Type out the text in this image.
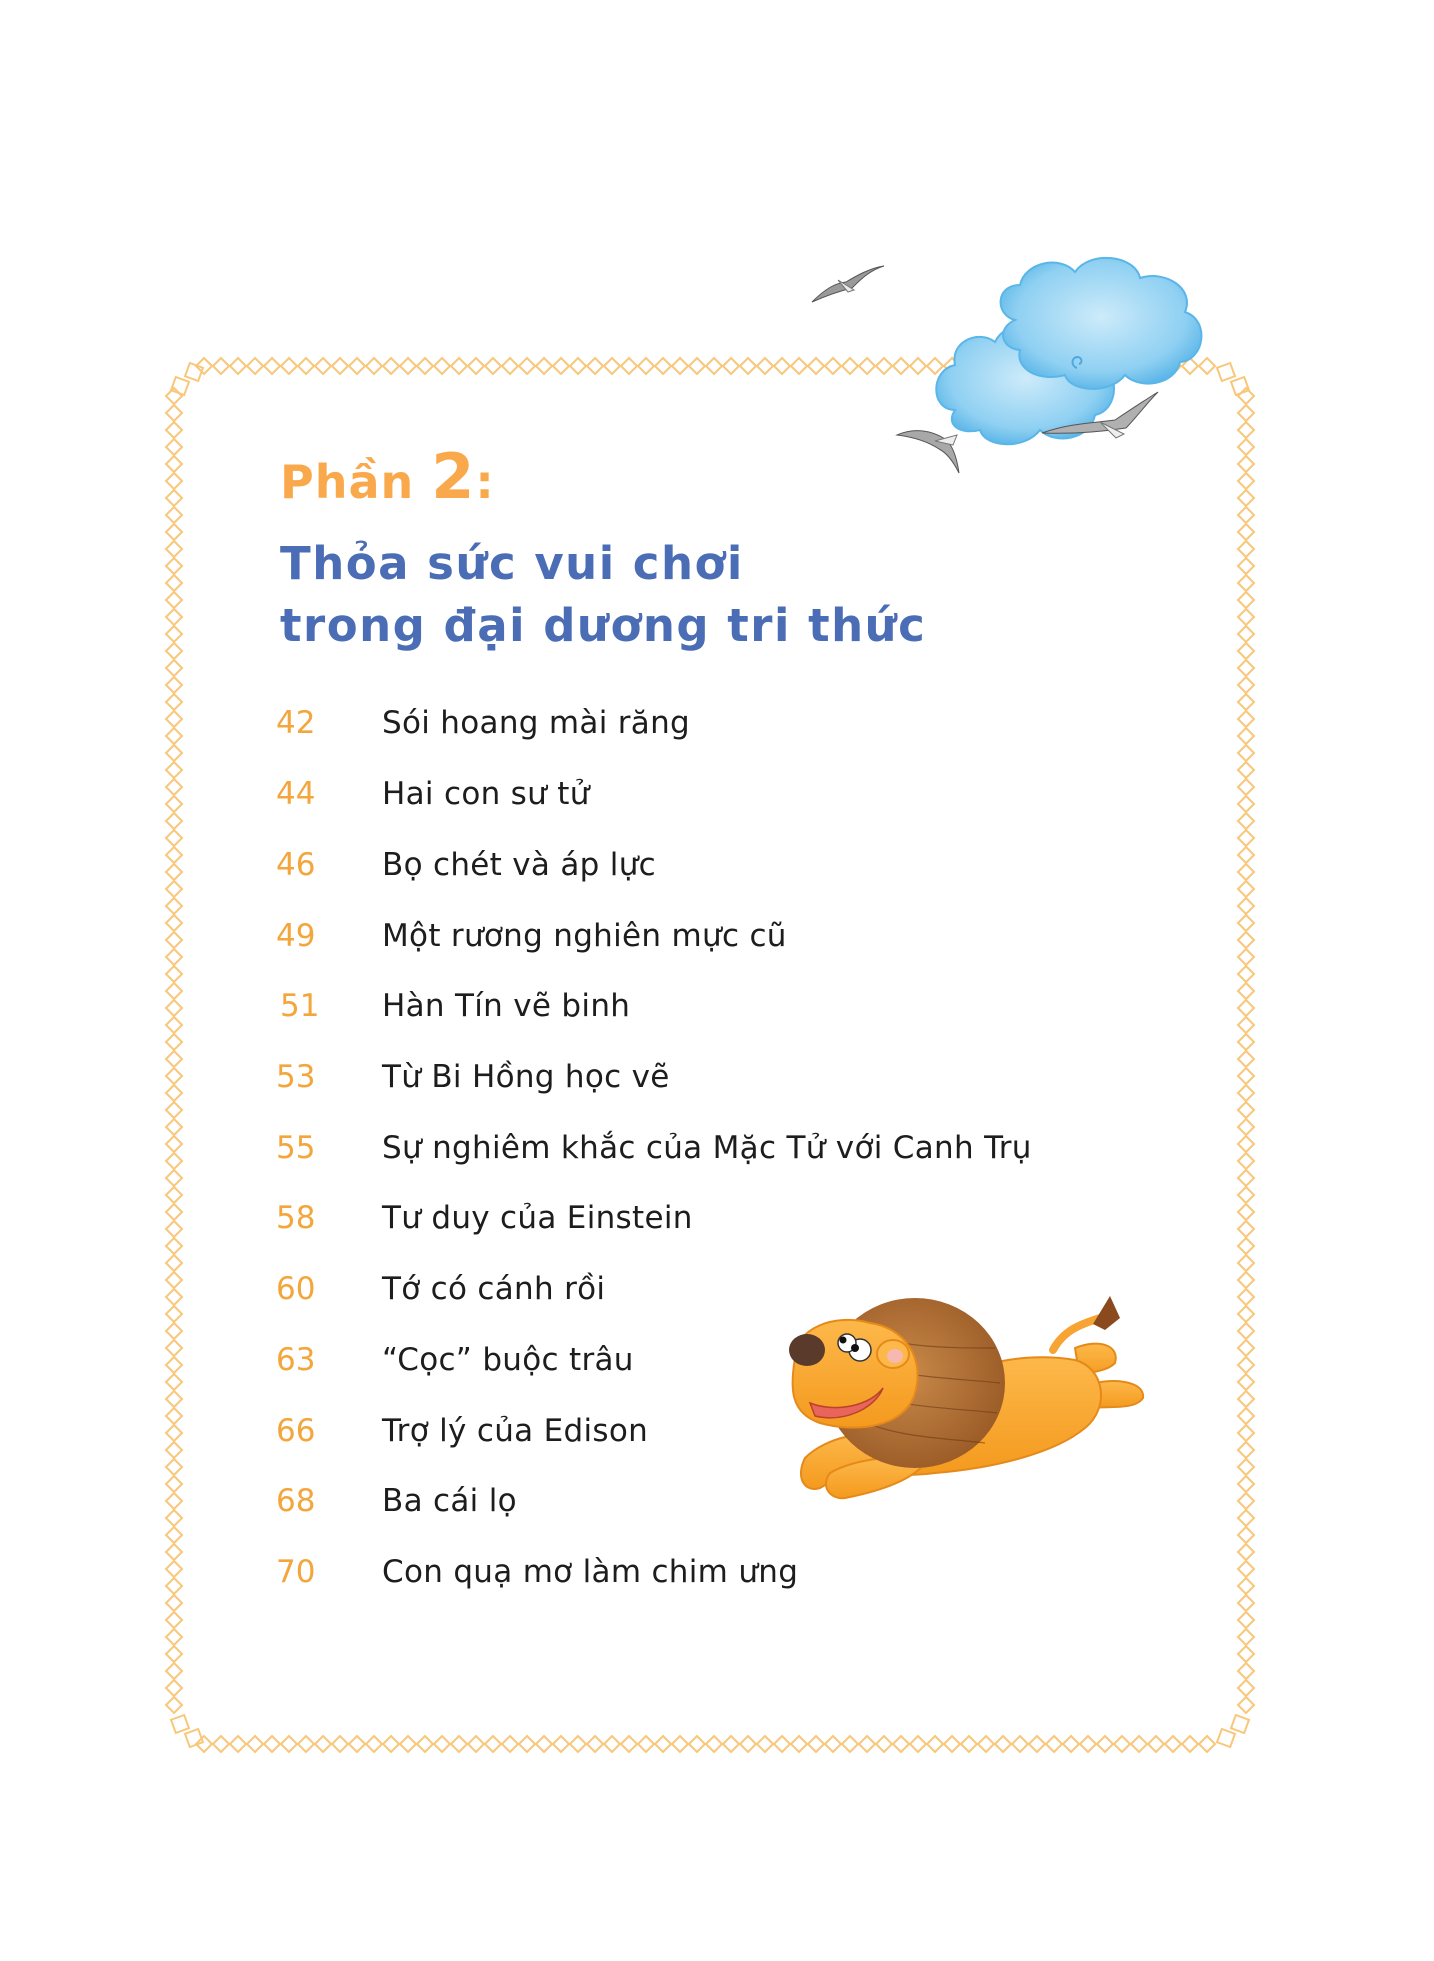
Phần 2:
Thỏa sức vui chơi
trong đại dương tri thức
42	Sói hoang mài răng
44	Hai con sư tử
46	Bọ chét và áp lực
49	Một rương nghiên mực cũ
51	Hàn Tín vẽ binh
53	Từ Bi Hồng học vẽ
55	Sự nghiêm khắc của Mặc Tử với Canh Trụ
58	Tư duy của Einstein
60	Tớ có cánh rồi
63	“Cọc” buộc trâu
66	Trợ lý của Edison
68	Ba cái lọ
70	Con quạ mơ làm chim ưng
